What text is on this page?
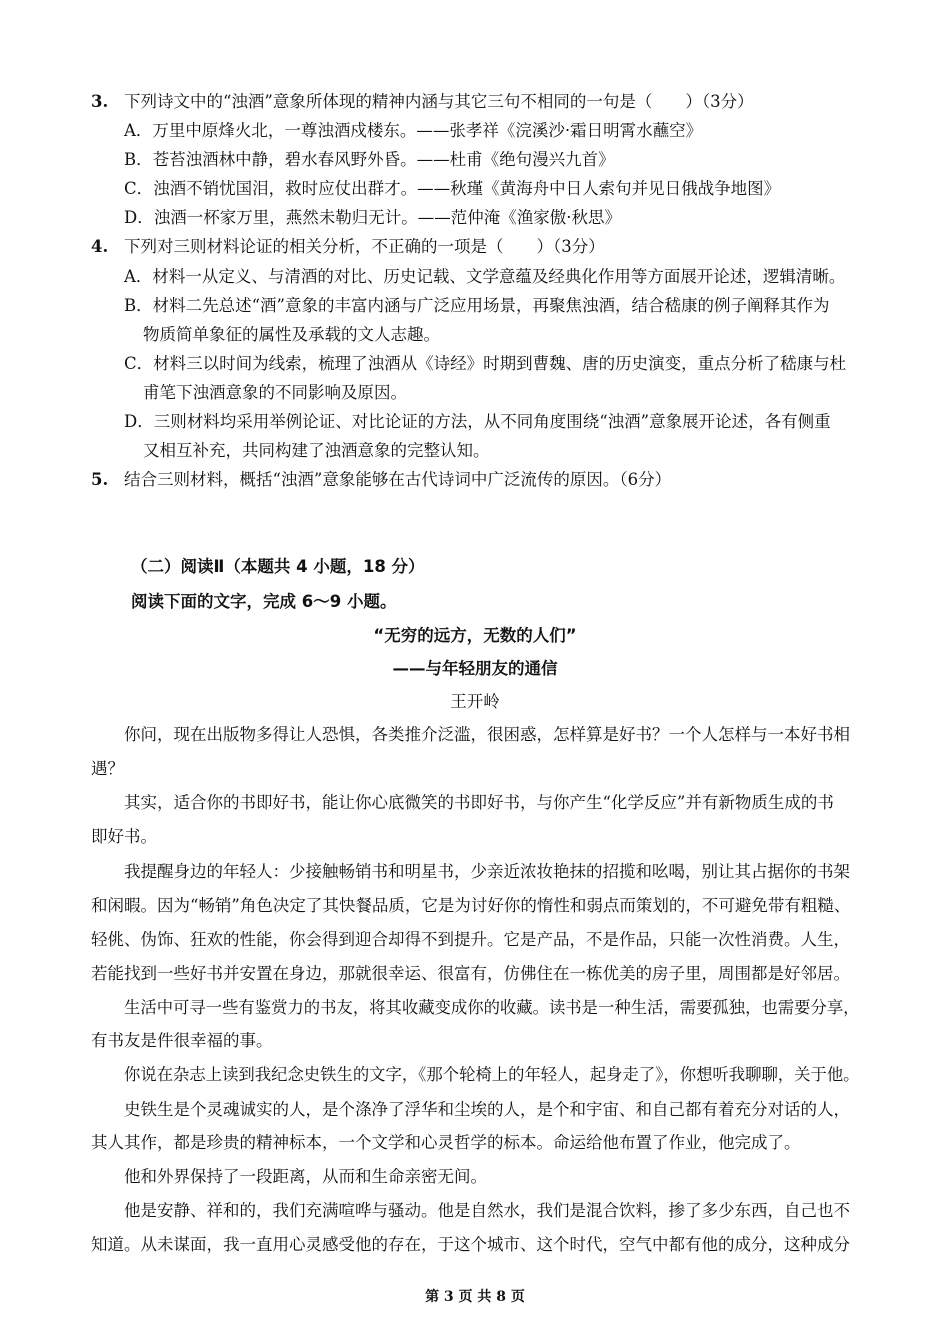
3. 下列诗文中的“浊酒”意象所体现的精神内涵与其它三句不相同的一句是（　　）（3分）
A．万里中原烽火北，一尊浊酒戍楼东。——张孝祥《浣溪沙·霜日明霄水蘸空》
B．苍苔浊酒林中静，碧水春风野外昏。——杜甫《绝句漫兴九首》
C．浊酒不销忧国泪，救时应仗出群才。——秋瑾《黄海舟中日人索句并见日俄战争地图》
D．浊酒一杯家万里，燕然未勒归无计。——范仲淹《渔家傲·秋思》
4. 下列对三则材料论证的相关分析，不正确的一项是（　　）（3分）
A．材料一从定义、与清酒的对比、历史记载、文学意蕴及经典化作用等方面展开论述，逻辑清晰。
B．材料二先总述“酒”意象的丰富内涵与广泛应用场景，再聚焦浊酒，结合嵇康的例子阐释其作为
物质简单象征的属性及承载的文人志趣。
C．材料三以时间为线索，梳理了浊酒从《诗经》时期到曹魏、唐的历史演变，重点分析了嵇康与杜
甫笔下浊酒意象的不同影响及原因。
D．三则材料均采用举例论证、对比论证的方法，从不同角度围绕“浊酒”意象展开论述，各有侧重
又相互补充，共同构建了浊酒意象的完整认知。
5. 结合三则材料，概括“浊酒”意象能够在古代诗词中广泛流传的原因。（6分）
（二）阅读Ⅱ（本题共 4 小题，18 分）
阅读下面的文字，完成 6～9 小题。
“无穷的远方，无数的人们”
——与年轻朋友的通信
王开岭
你问，现在出版物多得让人恐惧，各类推介泛滥，很困惑，怎样算是好书？一个人怎样与一本好书相
遇？
其实，适合你的书即好书，能让你心底微笑的书即好书，与你产生“化学反应”并有新物质生成的书
即好书。
我提醒身边的年轻人：少接触畅销书和明星书，少亲近浓妆艳抹的招揽和吆喝，别让其占据你的书架
和闲暇。因为“畅销”角色决定了其快餐品质，它是为讨好你的惰性和弱点而策划的，不可避免带有粗糙、
轻佻、伪饰、狂欢的性能，你会得到迎合却得不到提升。它是产品，不是作品，只能一次性消费。人生，
若能找到一些好书并安置在身边，那就很幸运、很富有，仿佛住在一栋优美的房子里，周围都是好邻居。
生活中可寻一些有鉴赏力的书友，将其收藏变成你的收藏。读书是一种生活，需要孤独，也需要分享，
有书友是件很幸福的事。
你说在杂志上读到我纪念史铁生的文字，《那个轮椅上的年轻人，起身走了》，你想听我聊聊，关于他。
史铁生是个灵魂诚实的人，是个涤净了浮华和尘埃的人，是个和宇宙、和自己都有着充分对话的人，
其人其作，都是珍贵的精神标本，一个文学和心灵哲学的标本。命运给他布置了作业，他完成了。
他和外界保持了一段距离，从而和生命亲密无间。
他是安静、祥和的，我们充满喧哗与骚动。他是自然水，我们是混合饮料，掺了多少东西，自己也不
知道。从未谋面，我一直用心灵感受他的存在，于这个城市、这个时代，空气中都有他的成分，这种成分
第 3 页 共 8 页
